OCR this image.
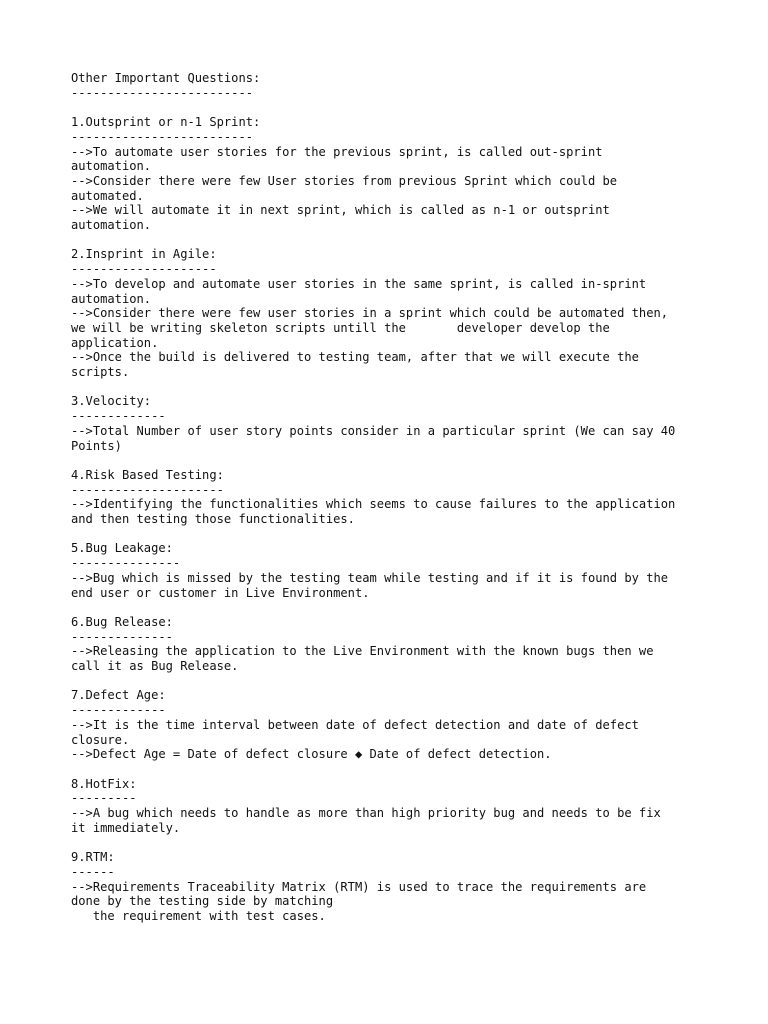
Other Important Questions:
-------------------------
1.Outsprint or n-1 Sprint:
-------------------------
-->To automate user stories for the previous sprint, is called out-sprint
automation.
-->Consider there were few User stories from previous Sprint which could be
automated.
-->We will automate it in next sprint, which is called as n-1 or outsprint
automation.
2.Insprint in Agile:
--------------------
-->To develop and automate user stories in the same sprint, is called in-sprint
automation.
-->Consider there were few user stories in a sprint which could be automated then,
we will be writing skeleton scripts untill the       developer develop the
application.
-->Once the build is delivered to testing team, after that we will execute the
scripts.
3.Velocity:
-------------
-->Total Number of user story points consider in a particular sprint (We can say 40
Points)
4.Risk Based Testing:
---------------------
-->Identifying the functionalities which seems to cause failures to the application
and then testing those functionalities.
5.Bug Leakage:
---------------
-->Bug which is missed by the testing team while testing and if it is found by the
end user or customer in Live Environment.
6.Bug Release:
--------------
-->Releasing the application to the Live Environment with the known bugs then we
call it as Bug Release.
7.Defect Age:
-------------
-->It is the time interval between date of defect detection and date of defect
closure.
-->Defect Age = Date of defect closure ◆ Date of defect detection.
8.HotFix:
---------
-->A bug which needs to handle as more than high priority bug and needs to be fix
it immediately.
9.RTM:
------
-->Requirements Traceability Matrix (RTM) is used to trace the requirements are
done by the testing side by matching
the requirement with test cases.
